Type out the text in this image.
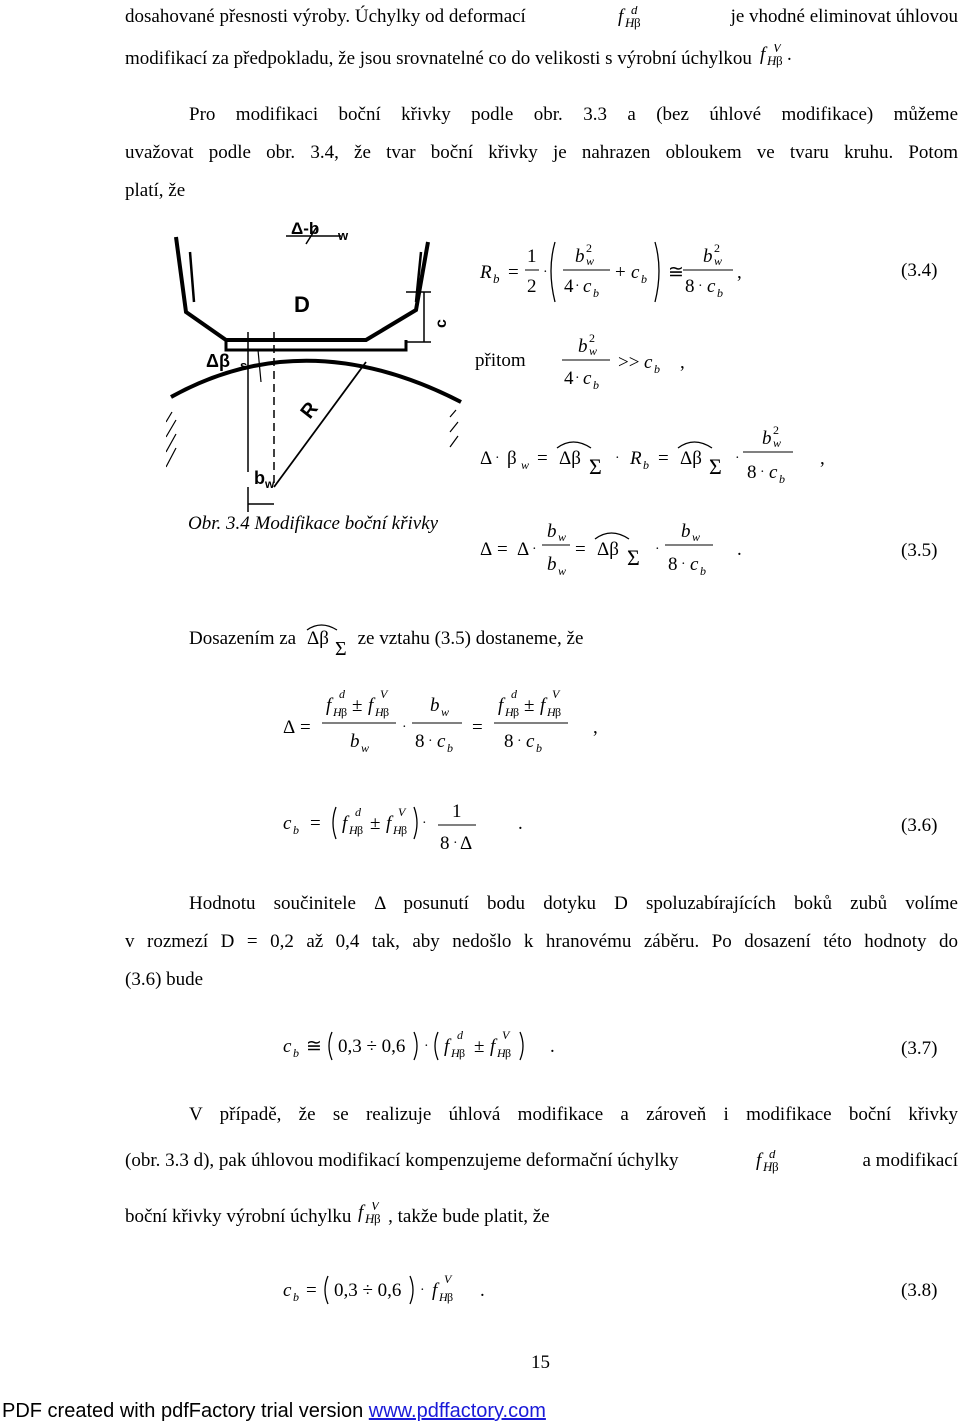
dosahované přesnosti výroby. Úchylky od deformací	f H β
d	je vhodné eliminovat úhlovou
modifikací za předpokladu, že jsou srovnatelné co do velikosti s výrobní úchylkou f H β
V .
Pro modifikaci boční křivky podle obr. 3.3 a (bez úhlové modifikace) můžeme
uvažovat podle obr. 3.4, že tvar boční křivky je nahrazen obloukem ve tvaru kruhu. Potom
platí, že
Δ-b w
D
Δβ s
R
c
b w
Obr. 3.4 Modifikace boční křivky
R b =
1
2
·
b w
2
4 · c b
+ c b ≅
b w
2
8 · c b
,	(3.4)
přitom
b w
2
4 · c b
>> c b ,
Δ · β w = Δβ Σ · R b = Δβ Σ ·
b w
2
8 · c b
,
Δ = Δ ·
b w
b w
= Δβ Σ ·
b w
8 · c b
.	(3.5)
Dosazením za Δβ Σ ze vztahu (3.5) dostaneme, že
Δ =
f H β
d
± f H β
V
b w
·
b w
8 · c b
=
f H β
d
± f H β
V
8 · c b
,
c b = f H β
d
± f H β
V
·
1
8 · Δ
.	(3.6)
Hodnotu součinitele Δ posunutí bodu dotyku D spoluzabírajících boků zubů volíme
v rozmezí D = 0,2 až 0,4 tak, aby nedošlo k hranovému záběru. Po dosazení této hodnoty do
(3.6) bude
c b ≅ 0,3 ÷ 0,6 · f H β
d
± f H β
V
.	(3.7)
V případě, že se realizuje úhlová modifikace a zároveň i modifikace boční křivky
(obr. 3.3 d), pak úhlovou modifikací kompenzujeme deformační úchylky	f H β
d	a modifikací
boční křivky výrobní úchylku f H β
V
, takže bude platit, že
c b = 0,3 ÷ 0,6 · f H β
V
.	(3.8)
15
PDF created with pdfFactory trial version www.pdffactory.com
